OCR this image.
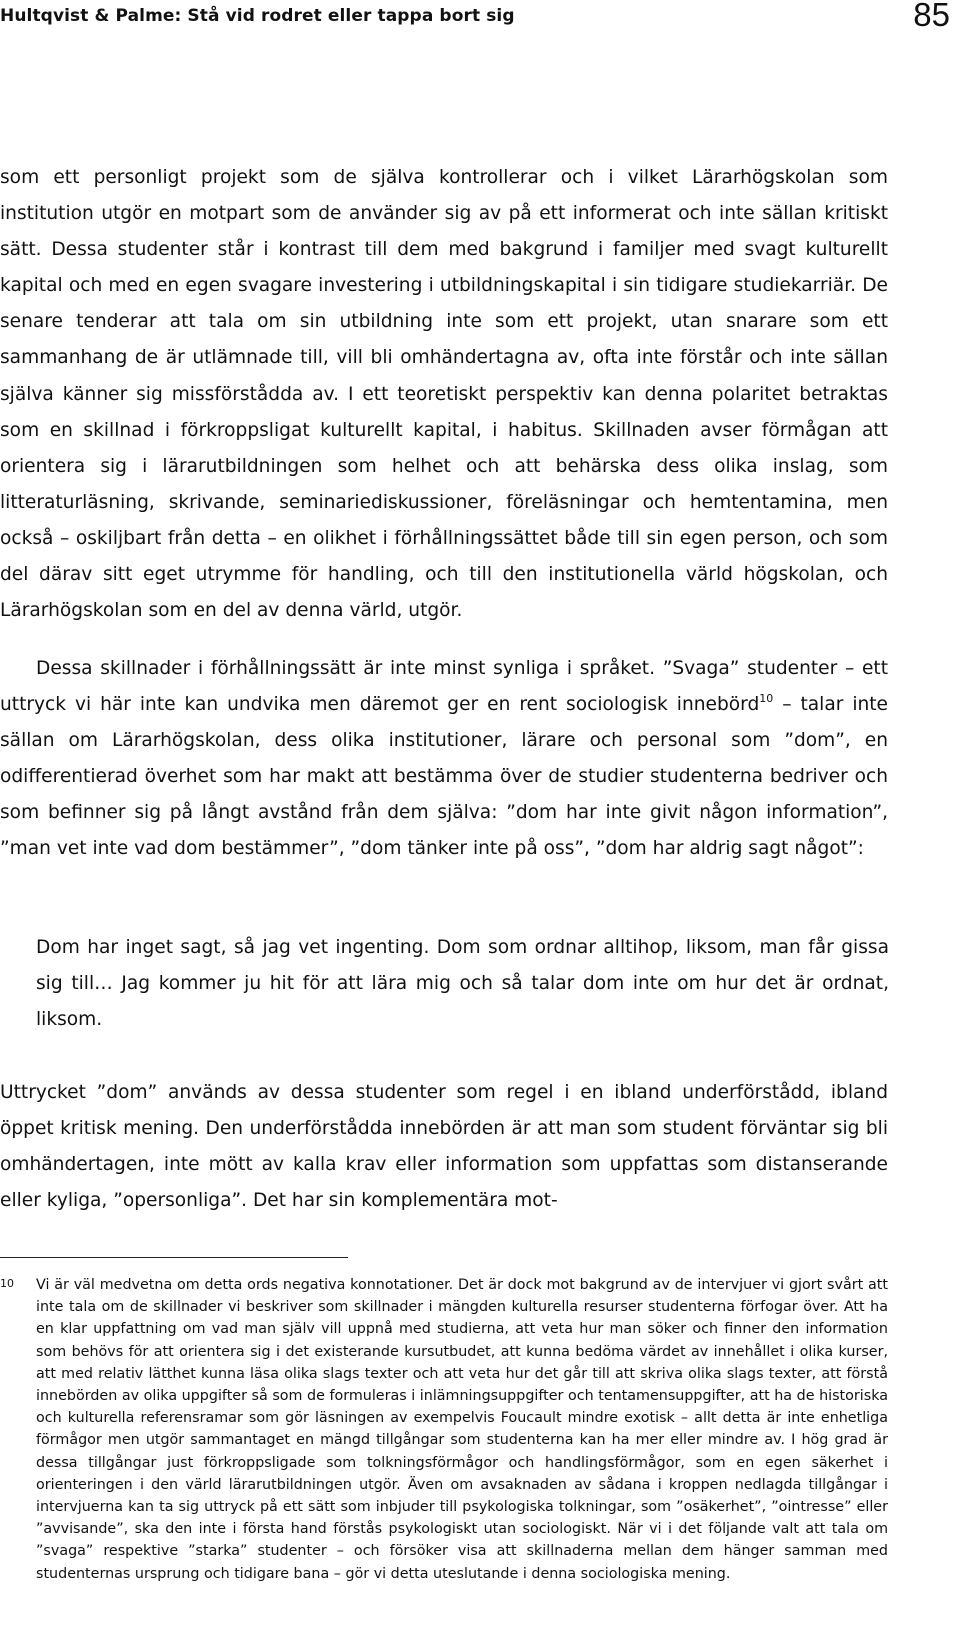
Hultqvist & Palme: Stå vid rodret eller tappa bort sig	85

som ett personligt projekt som de själva kontrollerar och i vilket Lärarhögskolan som institution utgör en motpart som de använder sig av på ett informerat och inte sällan kritiskt sätt. Dessa studenter står i kontrast till dem med bakgrund i familjer med svagt kulturellt kapital och med en egen svagare investering i utbildningskapital i sin tidigare studiekarriär. De senare tenderar att tala om sin utbildning inte som ett projekt, utan snarare som ett sammanhang de är utlämnade till, vill bli omhändertagna av, ofta inte förstår och inte sällan själva känner sig missförstådda av. I ett teoretiskt perspektiv kan denna polaritet betraktas som en skillnad i förkroppsligat kulturellt kapital, i habitus. Skillnaden avser förmågan att orientera sig i lärarutbildningen som helhet och att behärska dess olika inslag, som litteraturläsning, skrivande, seminariediskussioner, föreläsningar och hemtentamina, men också – oskiljbart från detta – en olikhet i förhållningssättet både till sin egen person, och som del därav sitt eget utrymme för handling, och till den institutionella värld högskolan, och Lärarhögskolan som en del av denna värld, utgör.

Dessa skillnader i förhållningssätt är inte minst synliga i språket. ”Svaga” studenter – ett uttryck vi här inte kan undvika men däremot ger en rent sociologisk innebörd$^{10}$ – talar inte sällan om Lärarhögskolan, dess olika institutioner, lärare och personal som ”dom”, en odifferentierad överhet som har makt att bestämma över de studier studenterna bedriver och som befinner sig på långt avstånd från dem själva: ”dom har inte givit någon information”, ”man vet inte vad dom bestämmer”, ”dom tänker inte på oss”, ”dom har aldrig sagt något”:

Dom har inget sagt, så jag vet ingenting. Dom som ordnar alltihop, liksom, man får gissa sig till… Jag kommer ju hit för att lära mig och så talar dom inte om hur det är ordnat, liksom.

Uttrycket ”dom” används av dessa studenter som regel i en ibland underförstådd, ibland öppet kritisk mening. Den underförstådda innebörden är att man som student förväntar sig bli omhändertagen, inte mött av kalla krav eller information som uppfattas som distanserande eller kyliga, ”opersonliga”. Det har sin komplementära mot-

10 Vi är väl medvetna om detta ords negativa konnotationer. Det är dock mot bakgrund av de intervjuer vi gjort svårt att inte tala om de skillnader vi beskriver som skillnader i mängden kulturella resurser studenterna förfogar över. Att ha en klar uppfattning om vad man själv vill uppnå med studierna, att veta hur man söker och finner den information som behövs för att orientera sig i det existerande kursutbudet, att kunna bedöma värdet av innehållet i olika kurser, att med relativ lätthet kunna läsa olika slags texter och att veta hur det går till att skriva olika slags texter, att förstå innebörden av olika uppgifter så som de formuleras i inlämningsuppgifter och tentamensuppgifter, att ha de historiska och kulturella referensramar som gör läsningen av exempelvis Foucault mindre exotisk – allt detta är inte enhetliga förmågor men utgör sammantaget en mängd tillgångar som studenterna kan ha mer eller mindre av. I hög grad är dessa tillgångar just förkroppsligade som tolkningsförmågor och handlingsförmågor, som en egen säkerhet i orienteringen i den värld lärarutbildningen utgör. Även om avsaknaden av sådana i kroppen nedlagda tillgångar i intervjuerna kan ta sig uttryck på ett sätt som inbjuder till psykologiska tolkningar, som ”osäkerhet”, ”ointresse” eller ”avvisande”, ska den inte i första hand förstås psykologiskt utan sociologiskt. När vi i det följande valt att tala om ”svaga” respektive ”starka” studenter – och försöker visa att skillnaderna mellan dem hänger samman med studenternas ursprung och tidigare bana – gör vi detta uteslutande i denna sociologiska mening.
